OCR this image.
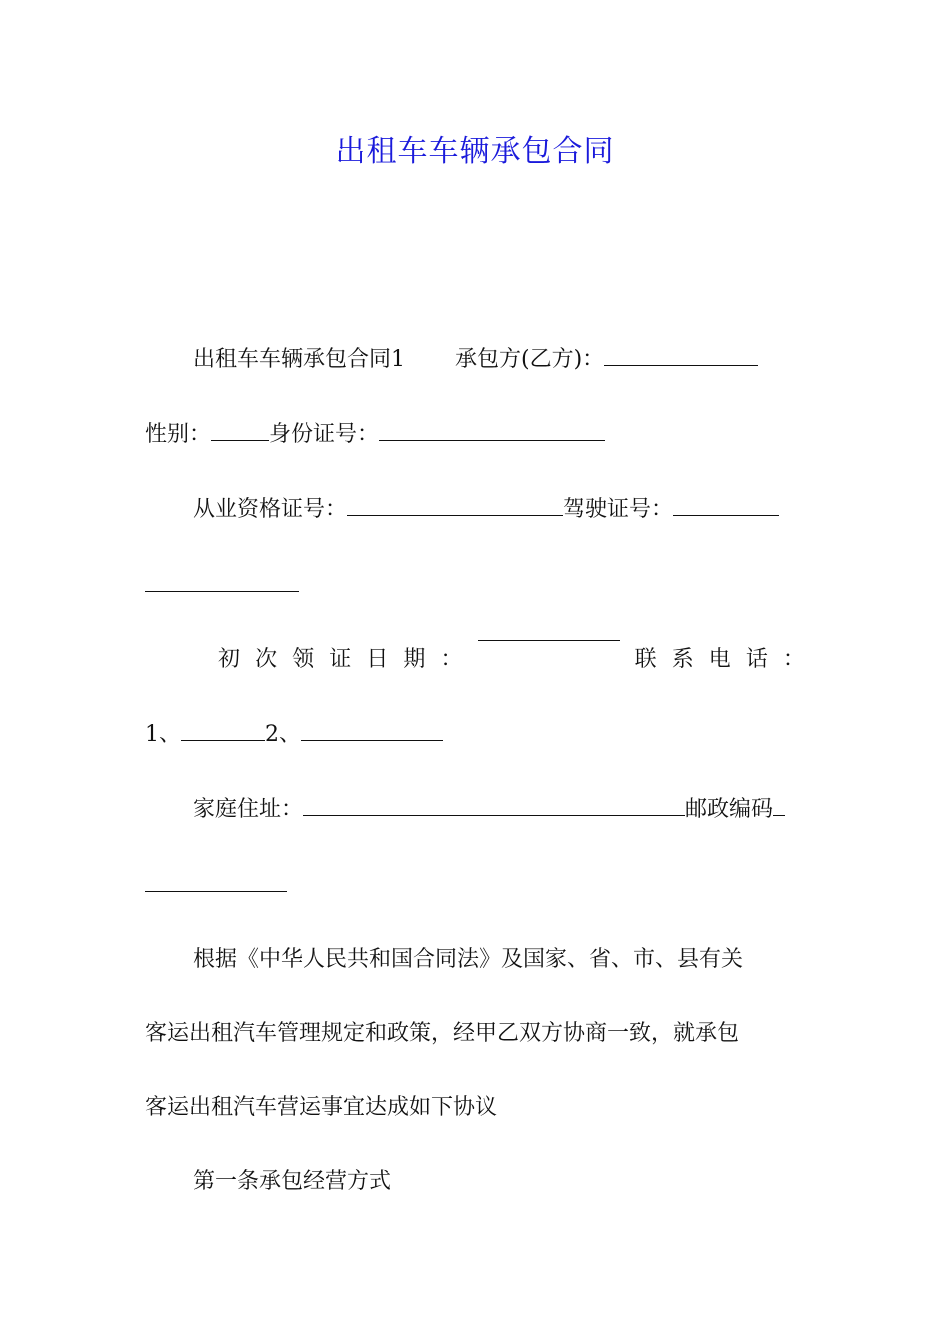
出租车车辆承包合同
出租车车辆承包合同1 承包方(乙方)：
性别：	身份证号：
从业资格证号：	驾驶证号：
初 次 领 证 日 期 ：	联 系 电 话 ：
1、	2、
家庭住址：	邮政编码
根据《中华人民共和国合同法》及国家、省、市、县有关
客运出租汽车管理规定和政策，经甲乙双方协商一致，就承包
客运出租汽车营运事宜达成如下协议
第一条承包经营方式
